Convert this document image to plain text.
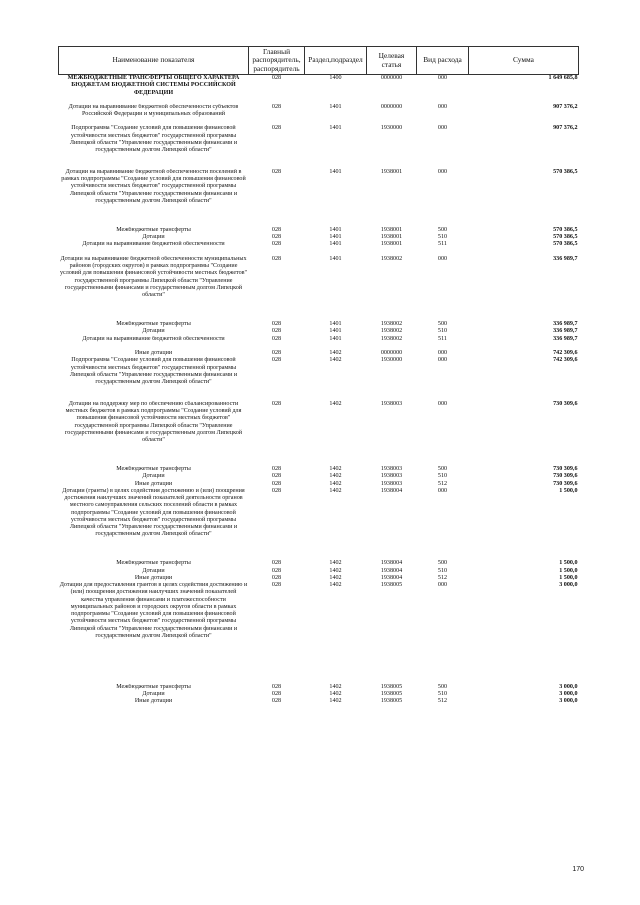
Наименование показателя	Главный распорядитель, распорядитель	Раздел,подраздел	Целевая статья	Вид расхода	Сумма
МЕЖБЮДЖЕТНЫЕ ТРАНСФЕРТЫ ОБЩЕГО ХАРАКТЕРА БЮДЖЕТАМ БЮДЖЕТНОЙ СИСТЕМЫ РОССИЙСКОЙ ФЕДЕРАЦИИ	028	1400	0000000	000	1 649 685,8
Дотации на выравнивание бюджетной обеспеченности субъектов Российской Федерации и муниципальных образований	028	1401	0000000	000	907 376,2
Подпрограмма "Создание условий для повышения финансовой устойчивости местных бюджетов" государственной программы Липецкой области "Управление государственными финансами и государственным долгом Липецкой области"	028	1401	1930000	000	907 376,2
Дотации на выравнивание бюджетной обеспеченности поселений в рамках подпрограммы "Создание условий для повышения финансовой устойчивости местных бюджетов" государственной программы Липецкой области "Управление государственными финансами и государственным долгом Липецкой области"	028	1401	1938001	000	570 386,5
Межбюджетные трансферты	028	1401	1938001	500	570 386,5
Дотации	028	1401	1938001	510	570 386,5
Дотации на выравнивание бюджетной обеспеченности	028	1401	1938001	511	570 386,5
Дотации на выравнивание бюджетной обеспеченности муниципальных районов (городских округов) в рамках подпрограммы "Создание условий для повышения финансовой устойчивости местных бюджетов" государственной программы Липецкой области "Управление государственными финансами и государственным долгом Липецкой области"	028	1401	1938002	000	336 989,7
Межбюджетные трансферты	028	1401	1938002	500	336 989,7
Дотации	028	1401	1938002	510	336 989,7
Дотации на выравнивание бюджетной обеспеченности	028	1401	1938002	511	336 989,7
Иные дотации	028	1402	0000000	000	742 309,6
Подпрограмма "Создание условий для повышения финансовой устойчивости местных бюджетов" государственной программы Липецкой области "Управление государственными финансами и государственным долгом Липецкой области"	028	1402	1930000	000	742 309,6
Дотации на поддержку мер по обеспечению сбалансированности местных бюджетов в рамках подпрограммы "Создание условий для повышения финансовой устойчивости местных бюджетов" государственной программы Липецкой области "Управление государственными финансами и государственным долгом Липецкой области"	028	1402	1938003	000	730 309,6
Межбюджетные трансферты	028	1402	1938003	500	730 309,6
Дотации	028	1402	1938003	510	730 309,6
Иные дотации	028	1402	1938003	512	730 309,6
Дотации (гранты) в целях содействия достижению и (или) поощрения достижения наилучших значений показателей деятельности органов местного самоуправления сельских поселений области в рамках подпрограммы "Создание условий для повышения финансовой устойчивости местных бюджетов" государственной программы Липецкой области "Управление государственными финансами и государственным долгом Липецкой области"	028	1402	1938004	000	1 500,0
Межбюджетные трансферты	028	1402	1938004	500	1 500,0
Дотации	028	1402	1938004	510	1 500,0
Иные дотации	028	1402	1938004	512	1 500,0
Дотации для предоставления грантов в целях содействия достижению и (или) поощрения достижения наилучших значений показателей качества управления финансами и платежеспособности муниципальных районов и городских округов области в рамках подпрограммы "Создание условий для повышения финансовой устойчивости местных бюджетов" государственной программы Липецкой области "Управление государственными финансами и государственным долгом Липецкой области"	028	1402	1938005	000	3 000,0
Межбюджетные трансферты	028	1402	1938005	500	3 000,0
Дотации	028	1402	1938005	510	3 000,0
Иные дотации	028	1402	1938005	512	3 000,0
170
